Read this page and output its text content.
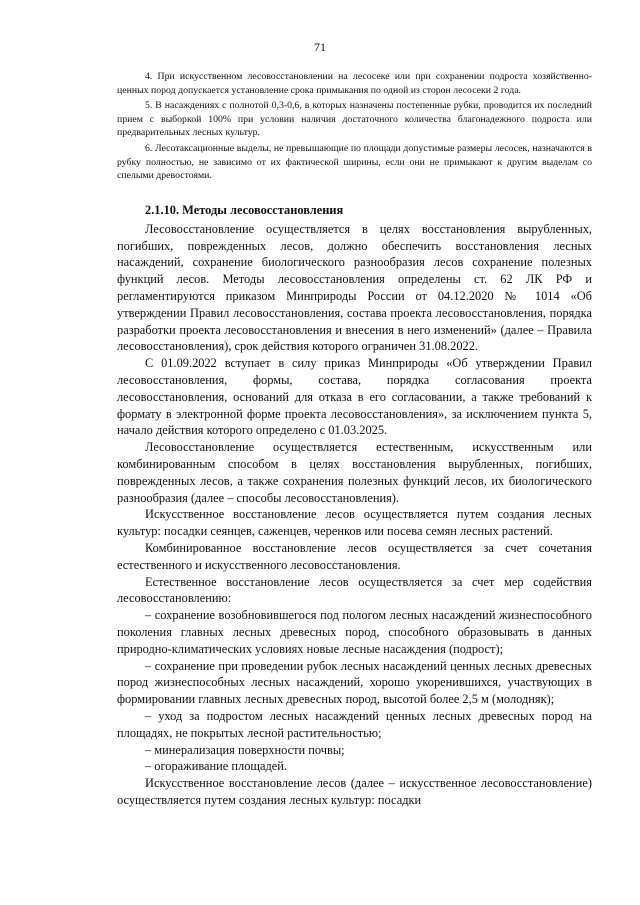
71

4. При искусственном лесовосстановлении на лесосеке или при сохранении подроста хозяйственно-ценных пород допускается установление срока примыкания по одной из сторон лесосеки 2 года.

5. В насаждениях с полнотой 0,3-0,6, в которых назначены постепенные рубки, проводится их последний прием с выборкой 100% при условии наличия достаточного количества благонадежного подроста или предварительных лесных культур.

6. Лесотаксационные выделы, не превышающие по площади допустимые размеры лесосек, назначаются в рубку полностью, не зависимо от их фактической ширины, если они не примыкают к другим выделам со спелыми древостоями.

2.1.10. Методы лесовосстановления

Лесовосстановление осуществляется в целях восстановления вырубленных, погибших, поврежденных лесов, должно обеспечить восстановления лесных насаждений, сохранение биологического разнообразия лесов сохранение полезных функций лесов. Методы лесовосстановления определены ст. 62 ЛК РФ и регламентируются приказом Минприроды России от 04.12.2020 № 1014 «Об утверждении Правил лесовосстановления, состава проекта лесовосстановления, порядка разработки проекта лесовосстановления и внесения в него изменений» (далее – Правила лесовосстановления), срок действия которого ограничен 31.08.2022.

С 01.09.2022 вступает в силу приказ Минприроды «Об утверждении Правил лесовосстановления, формы, состава, порядка согласования проекта лесовосстановления, оснований для отказа в его согласовании, а также требований к формату в электронной форме проекта лесовосстановления», за исключением пункта 5, начало действия которого определено с 01.03.2025.

Лесовосстановление осуществляется естественным, искусственным или комбинированным способом в целях восстановления вырубленных, погибших, поврежденных лесов, а также сохранения полезных функций лесов, их биологического разнообразия (далее – способы лесовосстановления).

Искусственное восстановление лесов осуществляется путем создания лесных культур: посадки сеянцев, саженцев, черенков или посева семян лесных растений.

Комбинированное восстановление лесов осуществляется за счет сочетания естественного и искусственного лесовосстановления.

Естественное восстановление лесов осуществляется за счет мер содействия лесовосстановлению:

– сохранение возобновившегося под пологом лесных насаждений жизнеспособного поколения главных лесных древесных пород, способного образовывать в данных природно-климатических условиях новые лесные насаждения (подрост);

– сохранение при проведении рубок лесных насаждений ценных лесных древесных пород жизнеспособных лесных насаждений, хорошо укоренившихся, участвующих в формировании главных лесных древесных пород, высотой более 2,5 м (молодняк);

– уход за подростом лесных насаждений ценных лесных древесных пород на площадях, не покрытых лесной растительностью;

– минерализация поверхности почвы;

– огораживание площадей.

Искусственное восстановление лесов (далее – искусственное лесовосстановление) осуществляется путем создания лесных культур: посадки
